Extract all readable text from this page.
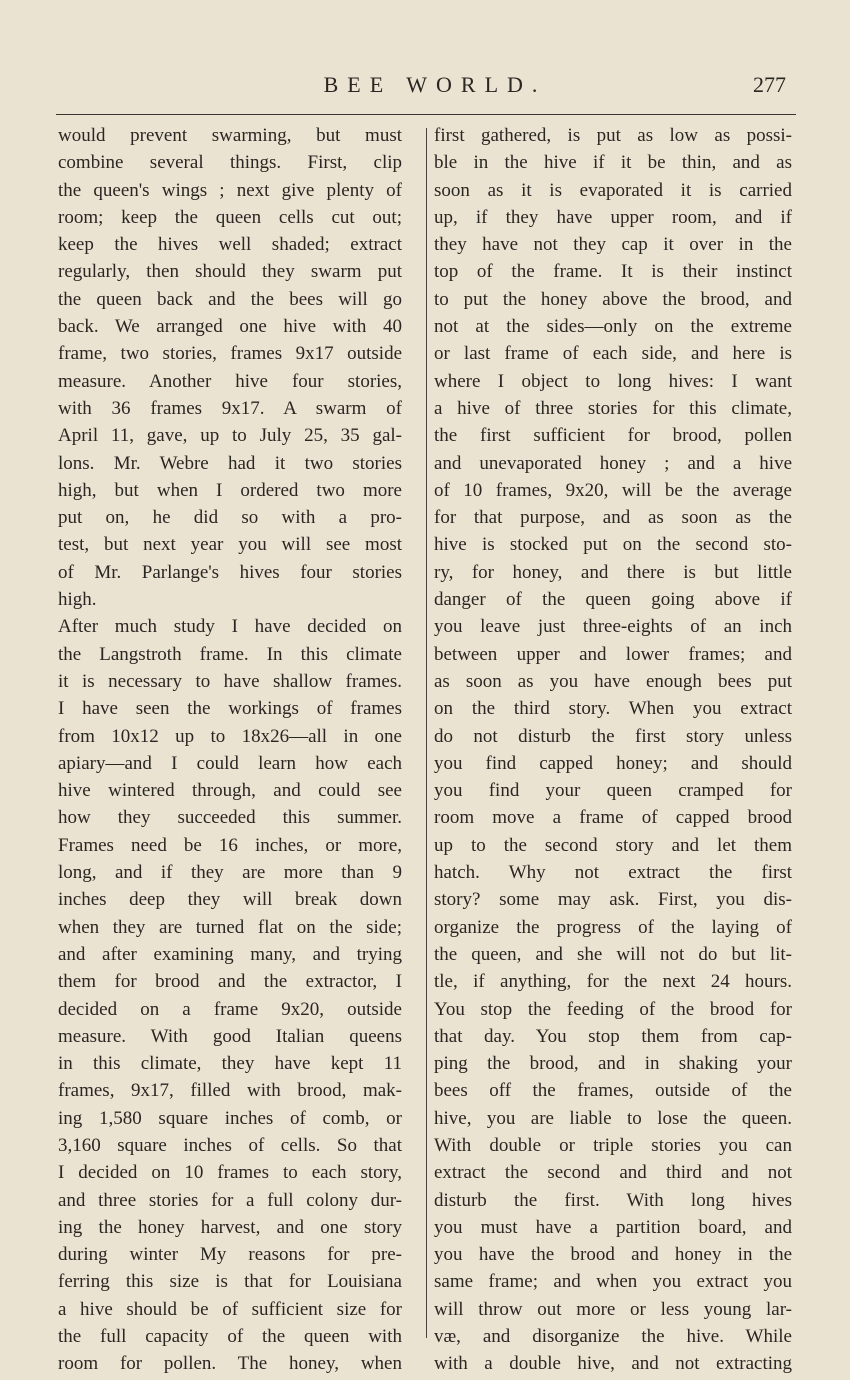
BEE WORLD.	277
would prevent swarming, but must
combine several things. First, clip
the queen's wings ; next give plenty of
room; keep the queen cells cut out;
keep the hives well shaded; extract
regularly, then should they swarm put
the queen back and the bees will go
back. We arranged one hive with 40
frame, two stories, frames 9x17 outside
measure. Another hive four stories,
with 36 frames 9x17. A swarm of
April 11, gave, up to July 25, 35 gal-
lons. Mr. Webre had it two stories
high, but when I ordered two more
put on, he did so with a pro-
test, but next year you will see most
of Mr. Parlange's hives four stories
high.
After much study I have decided on
the Langstroth frame. In this climate
it is necessary to have shallow frames.
I have seen the workings of frames
from 10x12 up to 18x26—all in one
apiary—and I could learn how each
hive wintered through, and could see
how they succeeded this summer.
Frames need be 16 inches, or more,
long, and if they are more than 9
inches deep they will break down
when they are turned flat on the side;
and after examining many, and trying
them for brood and the extractor, I
decided on a frame 9x20, outside
measure. With good Italian queens
in this climate, they have kept 11
frames, 9x17, filled with brood, mak-
ing 1,580 square inches of comb, or
3,160 square inches of cells. So that
I decided on 10 frames to each story,
and three stories for a full colony dur-
ing the honey harvest, and one story
during winter My reasons for pre-
ferring this size is that for Louisiana
a hive should be of sufficient size for
the full capacity of the queen with
room for pollen. The honey, when
first gathered, is put as low as possi-
ble in the hive if it be thin, and as
soon as it is evaporated it is carried
up, if they have upper room, and if
they have not they cap it over in the
top of the frame. It is their instinct
to put the honey above the brood, and
not at the sides—only on the extreme
or last frame of each side, and here is
where I object to long hives: I want
a hive of three stories for this climate,
the first sufficient for brood, pollen
and unevaporated honey ; and a hive
of 10 frames, 9x20, will be the average
for that purpose, and as soon as the
hive is stocked put on the second sto-
ry, for honey, and there is but little
danger of the queen going above if
you leave just three-eights of an inch
between upper and lower frames; and
as soon as you have enough bees put
on the third story. When you extract
do not disturb the first story unless
you find capped honey; and should
you find your queen cramped for
room move a frame of capped brood
up to the second story and let them
hatch. Why not extract the first
story? some may ask. First, you dis-
organize the progress of the laying of
the queen, and she will not do but lit-
tle, if anything, for the next 24 hours.
You stop the feeding of the brood for
that day. You stop them from cap-
ping the brood, and in shaking your
bees off the frames, outside of the
hive, you are liable to lose the queen.
With double or triple stories you can
extract the second and third and not
disturb the first. With long hives
you must have a partition board, and
you have the brood and honey in the
same frame; and when you extract you
will throw out more or less young lar-
væ, and disorganize the hive. While
with a double hive, and not extracting
